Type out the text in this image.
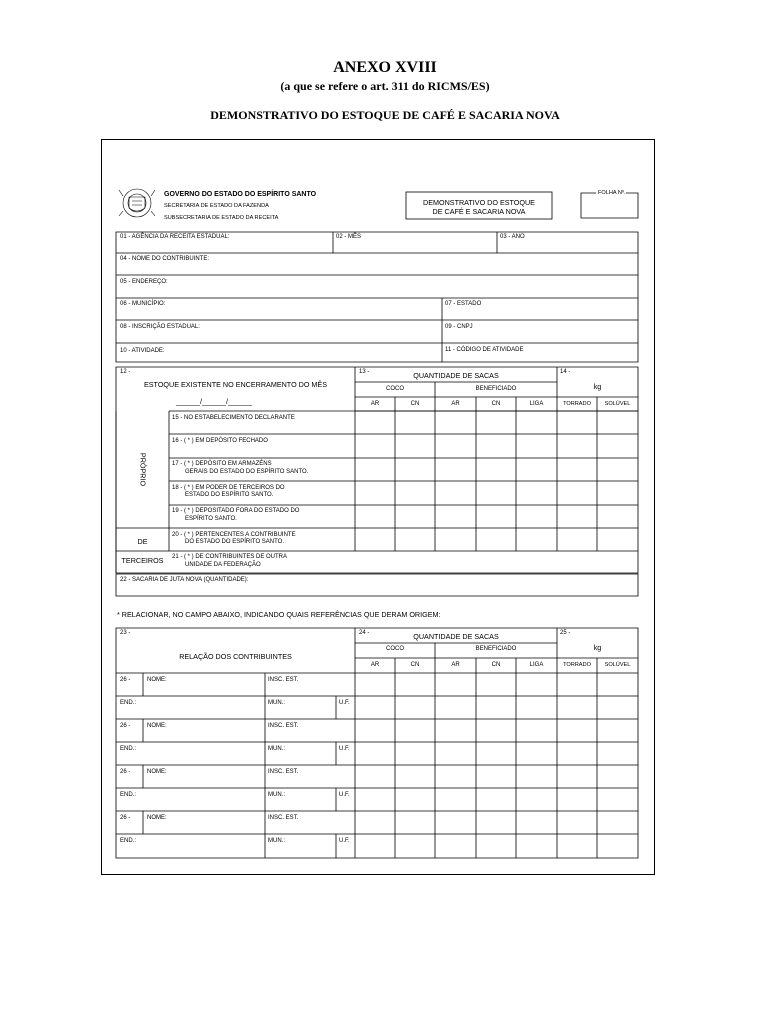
ANEXO XVIII
(a que se refere o art. 311 do RICMS/ES)
DEMONSTRATIVO DO ESTOQUE DE CAFÉ E SACARIA NOVA
GOVERNO DO ESTADO DO ESPÍRITO SANTO
SECRETARIA DE ESTADO DA FAZENDA
SUBSECRETARIA DE ESTADO DA RECEITA
DEMONSTRATIVO DO ESTOQUE
DE CAFÉ E SACARIA NOVA
FOLHA Nº.
01 - AGÊNCIA DA RECEITA ESTADUAL:	02 - MÊS	03 - ANO
04 - NOME DO CONTRIBUINTE:
05 - ENDEREÇO:
06 - MUNICÍPIO:	07 - ESTADO
08 - INSCRIÇÃO ESTADUAL:	09 - CNPJ
10 - ATIVIDADE:	11 - CÓDIGO DE ATIVIDADE
12 -
ESTOQUE EXISTENTE NO ENCERRAMENTO DO MÊS
______/______/______
13 -	QUANTIDADE DE SACAS
COCO	BENEFICIADO
14 -
kg
AR	CN	AR	CN	LIGA	TORRADO	SOLÚVEL
PRÓPRIO
15 - NO ESTABELECIMENTO DECLARANTE
16 - ( * ) EM DEPÓSITO FECHADO
17 - ( * ) DEPÓSITO EM ARMAZÉNS
GERAIS DO ESTADO DO ESPÍRITO SANTO.
18 - ( * ) EM PODER DE TERCEIROS DO
ESTADO DO ESPÍRITO SANTO.
19 - ( * ) DEPOSITADO FORA DO ESTADO DO
ESPÍRITO SANTO.
DE
TERCEIROS
20 - ( * ) PERTENCENTES A CONTRIBUINTE
DO ESTADO DO ESPÍRITO SANTO.
21 - ( * ) DE CONTRIBUINTES DE OUTRA
UNIDADE DA FEDERAÇÃO
22 - SACARIA DE JUTA NOVA (QUANTIDADE):
* RELACIONAR, NO CAMPO ABAIXO, INDICANDO QUAIS REFERÊNCIAS QUE DERAM ORIGEM:
23 -
RELAÇÃO DOS CONTRIBUINTES
24 -	QUANTIDADE DE SACAS
COCO	BENEFICIADO
25 -
kg
AR	CN	AR	CN	LIGA	TORRADO	SOLÚVEL
26 -	NOME:	INSC. EST.
END.:	MUN.:	U.F.
26 -	NOME:	INSC. EST.
END.:	MUN.:	U.F.
26 -	NOME:	INSC. EST.
END.:	MUN.:	U.F.
26 -	NOME:	INSC. EST.
END.:	MUN.:	U.F.
